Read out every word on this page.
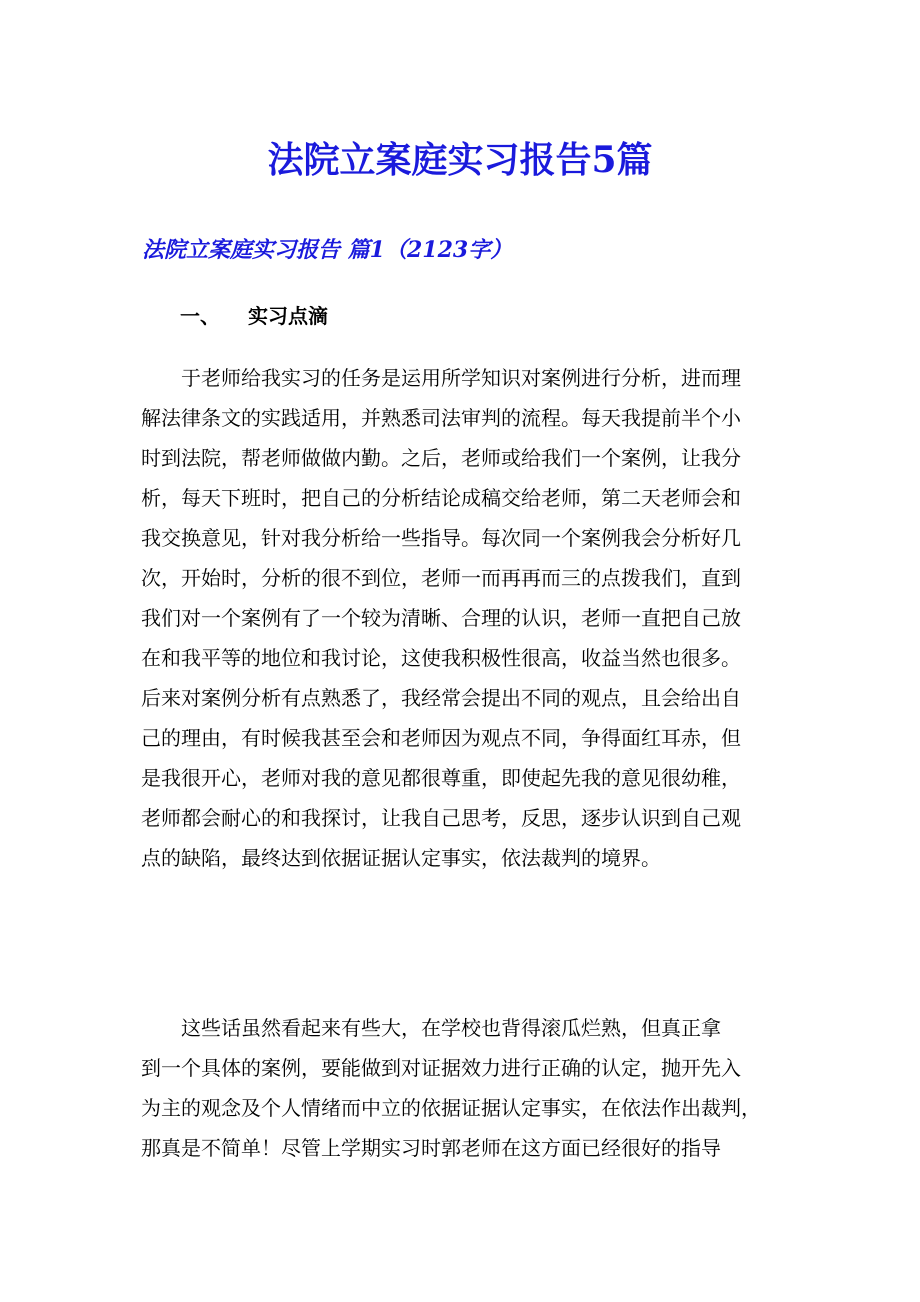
法院立案庭实习报告5篇
法院立案庭实习报告 篇1（2123字）
一、 实习点滴
于老师给我实习的任务是运用所学知识对案例进行分析，进而理
解法律条文的实践适用，并熟悉司法审判的流程。每天我提前半个小
时到法院，帮老师做做内勤。之后，老师或给我们一个案例，让我分
析，每天下班时，把自己的分析结论成稿交给老师，第二天老师会和
我交换意见，针对我分析给一些指导。每次同一个案例我会分析好几
次，开始时，分析的很不到位，老师一而再再而三的点拨我们，直到
我们对一个案例有了一个较为清晰、合理的认识，老师一直把自己放
在和我平等的地位和我讨论，这使我积极性很高，收益当然也很多。
后来对案例分析有点熟悉了，我经常会提出不同的观点，且会给出自
己的理由，有时候我甚至会和老师因为观点不同，争得面红耳赤，但
是我很开心，老师对我的意见都很尊重，即使起先我的意见很幼稚，
老师都会耐心的和我探讨，让我自己思考，反思，逐步认识到自己观
点的缺陷，最终达到依据证据认定事实，依法裁判的境界。
这些话虽然看起来有些大，在学校也背得滚瓜烂熟，但真正拿
到一个具体的案例，要能做到对证据效力进行正确的认定，抛开先入
为主的观念及个人情绪而中立的依据证据认定事实，在依法作出裁判，
那真是不简单！尽管上学期实习时郭老师在这方面已经很好的指导
